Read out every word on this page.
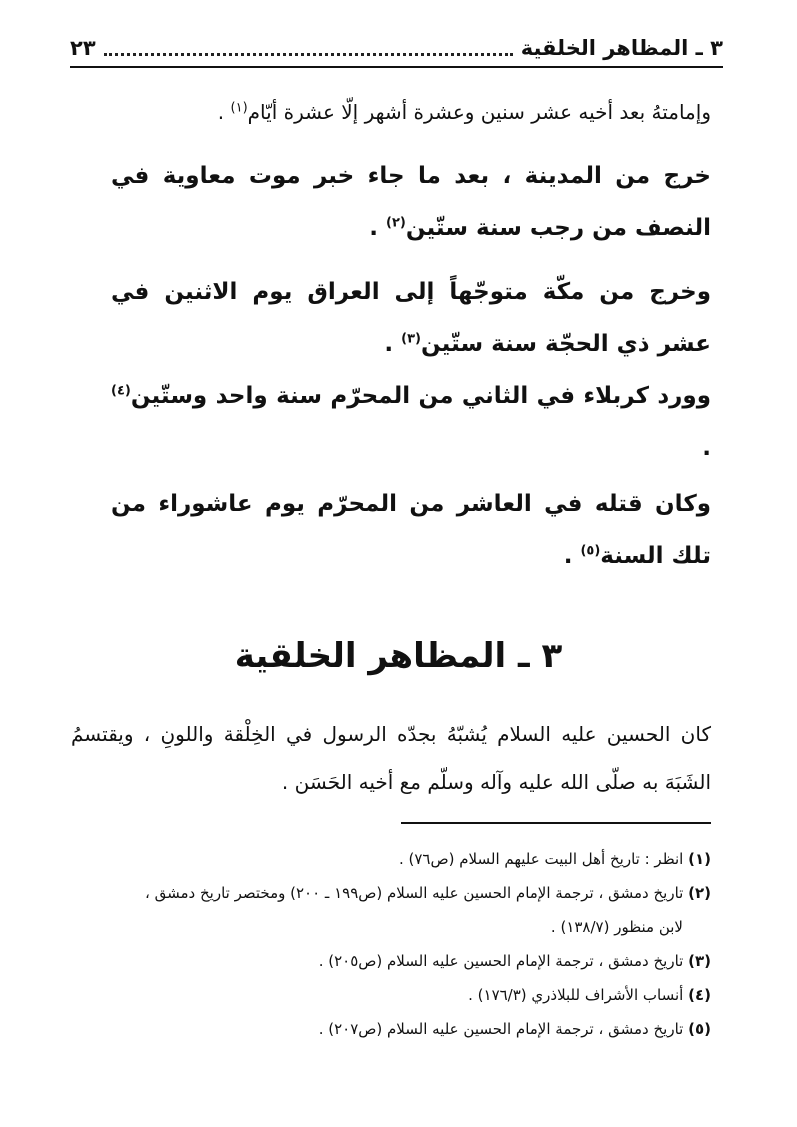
٣ ـ المظاهر الخلقية
٢٣

وإمامتهُ بعد أخيه عشر سنين وعشرة أشهر إلّا عشرة أيّام$^{(١)}$ .

خرج من المدينة ، بعد ما جاء خبر موت معاوية في النصف من رجب سنة ستّين$^{(٢)}$ .

وخرج من مكّة متوجّهاً إلى العراق يوم الاثنين في عشر ذي الحجّة سنة ستّين$^{(٣)}$ .

وورد كربلاء في الثاني من المحرّم سنة واحد وستّين$^{(٤)}$ .

وكان قتله في العاشر من المحرّم يوم عاشوراء من تلك السنة$^{(٥)}$ .

٣ ـ المظاهر الخلقية

كان الحسين عليه السلام يُشبّهُ بجدّه الرسول في الخِلْقة واللونِ ، ويقتسمُ الشَبَهَ به صلّى الله عليه وآله وسلّم مع أخيه الحَسَن .

(١) انظر : تاريخ أهل البيت عليهم السلام (ص٧٦) .
(٢) تاريخ دمشق ، ترجمة الإمام الحسين عليه السلام (ص١٩٩ ـ ٢٠٠) ومختصر تاريخ دمشق ،
لابن منظور (١٣٨/٧) .
(٣) تاريخ دمشق ، ترجمة الإمام الحسين عليه السلام (ص٢٠٥) .
(٤) أنساب الأشراف للبلاذري (١٧٦/٣) .
(٥) تاريخ دمشق ، ترجمة الإمام الحسين عليه السلام (ص٢٠٧) .
